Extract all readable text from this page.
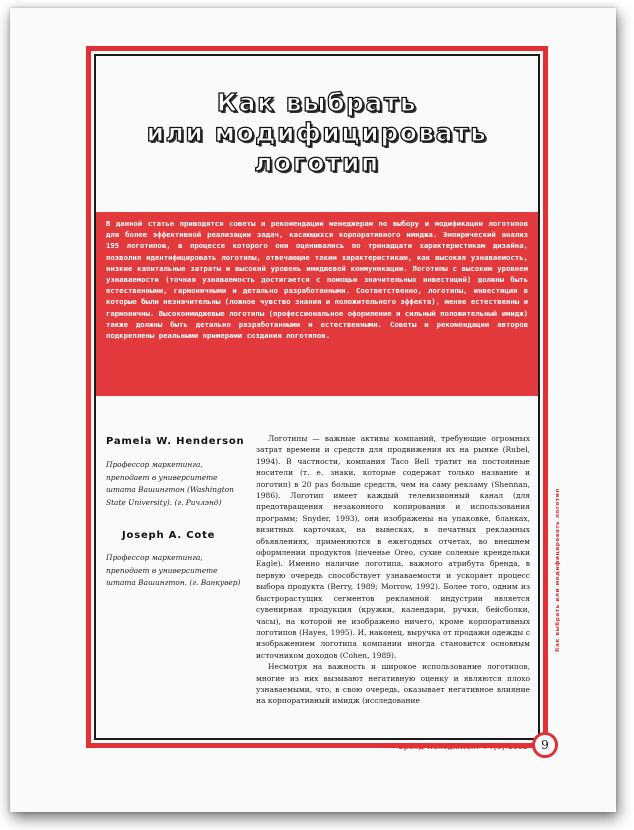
Как выбрать
или модифицировать
логотип
В данной статье приводятся советы и рекомендации менеджерам по выбору и модификации логотипов для более эффективной реализации задач, касающихся корпоративного имиджа. Эмпирический анализ 195 логотипов, в процессе которого они оценивались по тринадцати характеристикам дизайна, позволил идентифицировать логотипы, отвечающие таким характеристикам, как высокая узнаваемость, низкие капитальные затраты и высокий уровень имиджевой коммуникации. Логотипы с высоким уровнем узнаваемости (точная узнаваемость достигается с помощью значительных инвестиций) должны быть естественными, гармоничными и детально разработанными. Соответственно, логотипы, инвестиции в которые были незначительны (ложное чувство знания и положительного эффекта), менее естественны и гармоничны. Высокоимиджевые логотипы (профессиональное оформление и сильный положительный имидж) также должны быть детально разработанными и естественными. Советы и рекомендации авторов подкреплены реальными примерами создания логотипов.
Pamela W. Henderson
Профессор маркетинга, преподает в университете штата Вашингтон (Washington State University). (г. Ричлэнд)
Joseph A. Cote
Профессор маркетинга, преподает в университете штата Вашингтон. (г. Ванкувер)

Логотипы — важные активы компаний, требующие огромных затрат времени и средств для продвижения их на рынке (Rubel, 1994). В частности, компания Taco Bell тратит на постоянные носители (т. е. знаки, которые содержат только название и логотип) в 20 раз больше средств, чем на саму рекламу (Shennan, 1986). Логотип имеет каждый телевизионный канал (для предотвращения незаконного копирования и использования программ; Snyder, 1993), они изображены на упаковке, бланках, визитных карточках, на вывесках, в печатных рекламных объявлениях, применяются в ежегодных отчетах, во внешнем оформлении продуктов (печенье Oreo, сухие соленые крендельки Eagle). Именно наличие логотипа, важного атрибута бренда, в первую очередь способствует узнаваемости и ускоряет процесс выбора продукта (Berry, 1989; Morrow, 1992). Более того, одним из быстрорастущих сегментов рекламной индустрии является сувенирная продукция (кружки, календари, ручки, бейсболки, часы), на которой не изображено ничего, кроме корпоративных логотипов (Hayes, 1995). И, наконец, выручка от продажи одежды с изображением логотипа компании иногда становится основным источником доходов (Cohen, 1989).

Несмотря на важность и широкое использование логотипов, многие из них вызывают негативную оценку и являются плохо узнаваемыми, что, в свою очередь, оказывает негативное влияние на корпоративный имидж (исследование

Как выбрать или модифицировать логотип
Бренд-менеджмент #4(8)·2002	9
